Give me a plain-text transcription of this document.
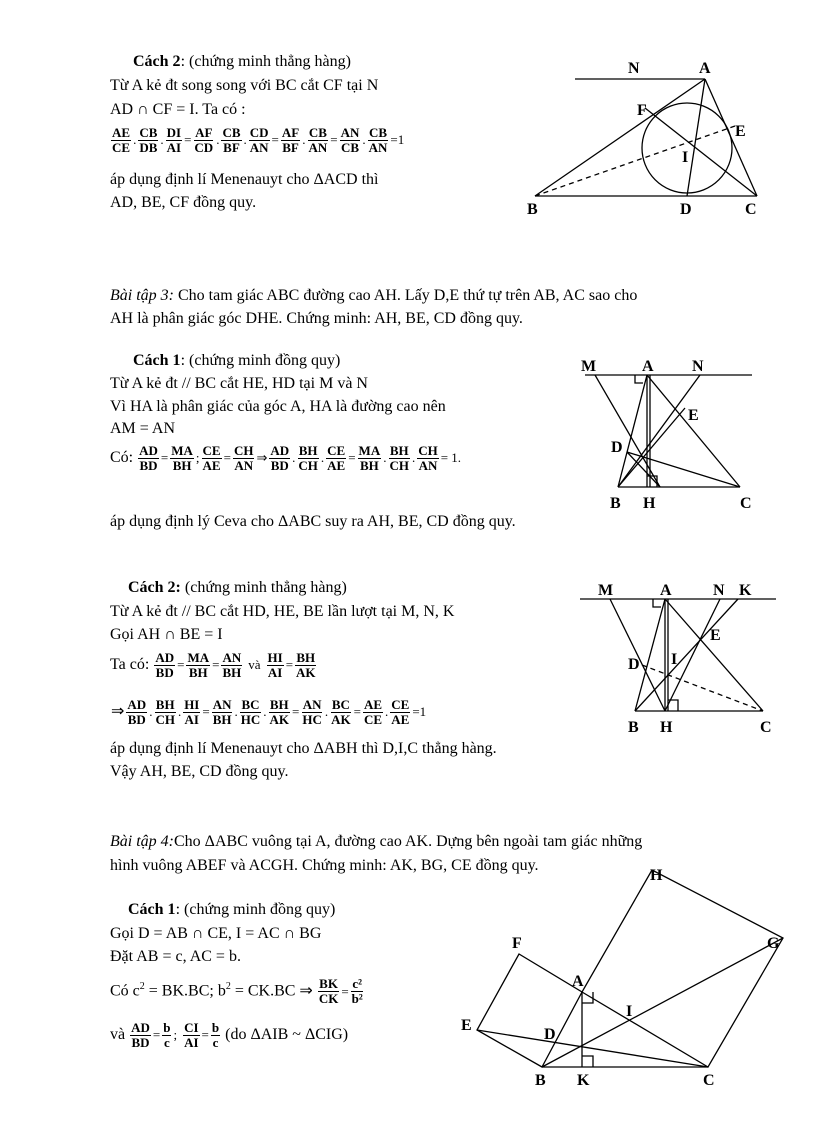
Cách 2: (chứng minh thẳng hàng)
Từ A kẻ đt song song với BC cắt CF tại N
AD ∩ CF = I. Ta có :
$\frac{AE}{CE}$ . $\frac{CB}{DB}$ . $\frac{DI}{AI} = \frac{AF}{CD}$ . $\frac{CB}{BF}$ . $\frac{CD}{AN} = \frac{AF}{BF}$ . $\frac{CB}{AN} = \frac{AN}{CB}$ . $\frac{CB}{AN} =1$
áp dụng định lí Menenauyt cho ΔACD thì
AD, BE, CF đồng quy.
N	A
F
E
I
B	D	C
Bài tập 3: Cho tam giác ABC đường cao AH. Lấy D,E thứ tự trên AB, AC sao cho
AH là phân giác góc DHE. Chứng minh: AH, BE, CD đồng quy.
Cách 1: (chứng minh đồng quy)
Từ A kẻ đt // BC cắt HE, HD tại M và N
Vì HA là phân giác của góc A, HA là đường cao nên
AM = AN
Có: $\frac{AD}{BD} = \frac{MA}{BH}$ ; $\frac{CE}{AE} = \frac{CH}{AN}$ ⇒ $\frac{AD}{BD}$ . $\frac{BH}{CH}$ . $\frac{CE}{AE} = \frac{MA}{BH}$ . $\frac{BH}{CH}$ . $\frac{CH}{AN} = 1$.
áp dụng định lý Ceva cho ΔABC suy ra AH, BE, CD đồng quy.
M	A N
E
D
B H	C
Cách 2: (chứng minh thẳng hàng)
Từ A kẻ đt // BC cắt HD, HE, BE lần lượt tại M, N, K
Gọi AH ∩ BE = I
Ta có: $\frac{AD}{BD} = \frac{MA}{BH} = \frac{AN}{BH}$ và $\frac{HI}{AI} = \frac{BH}{AK}$
⇒ $\frac{AD}{BD}$ . $\frac{BH}{CH}$ . $\frac{HI}{AI} = \frac{AN}{BH}$ . $\frac{BC}{HC}$ . $\frac{BH}{AK} = \frac{AN}{HC}$ . $\frac{BC}{AK} = \frac{AE}{CE}$ . $\frac{CE}{AE} =1$
áp dụng định lí Menenauyt cho ΔABH thì D,I,C thẳng hàng.
Vậy AH, BE, CD đồng quy.
M	A	N K
E
D I
B H	C
Bài tập 4:Cho ΔABC vuông tại A, đường cao AK. Dựng bên ngoài tam giác những
hình vuông ABEF và ACGH. Chứng minh: AK, BG, CE đồng quy.
Cách 1: (chứng minh đồng quy)
Gọi D = AB ∩ CE, I = AC ∩ BG
Đặt AB = c, AC = b.
Có $c^2 = BK.BC$; $b^2 = CK.BC$ ⇒ $\frac{BK}{CK} = \frac{\text{c²}}{\text{b²}}$
và $\frac{AD}{BD} = \frac{b}{c}$ ; $\frac{CI}{AI} = \frac{b}{c} (do$ ΔAIB ~ ΔCIG)
H
F	G
A
I
E
D
B K	C
